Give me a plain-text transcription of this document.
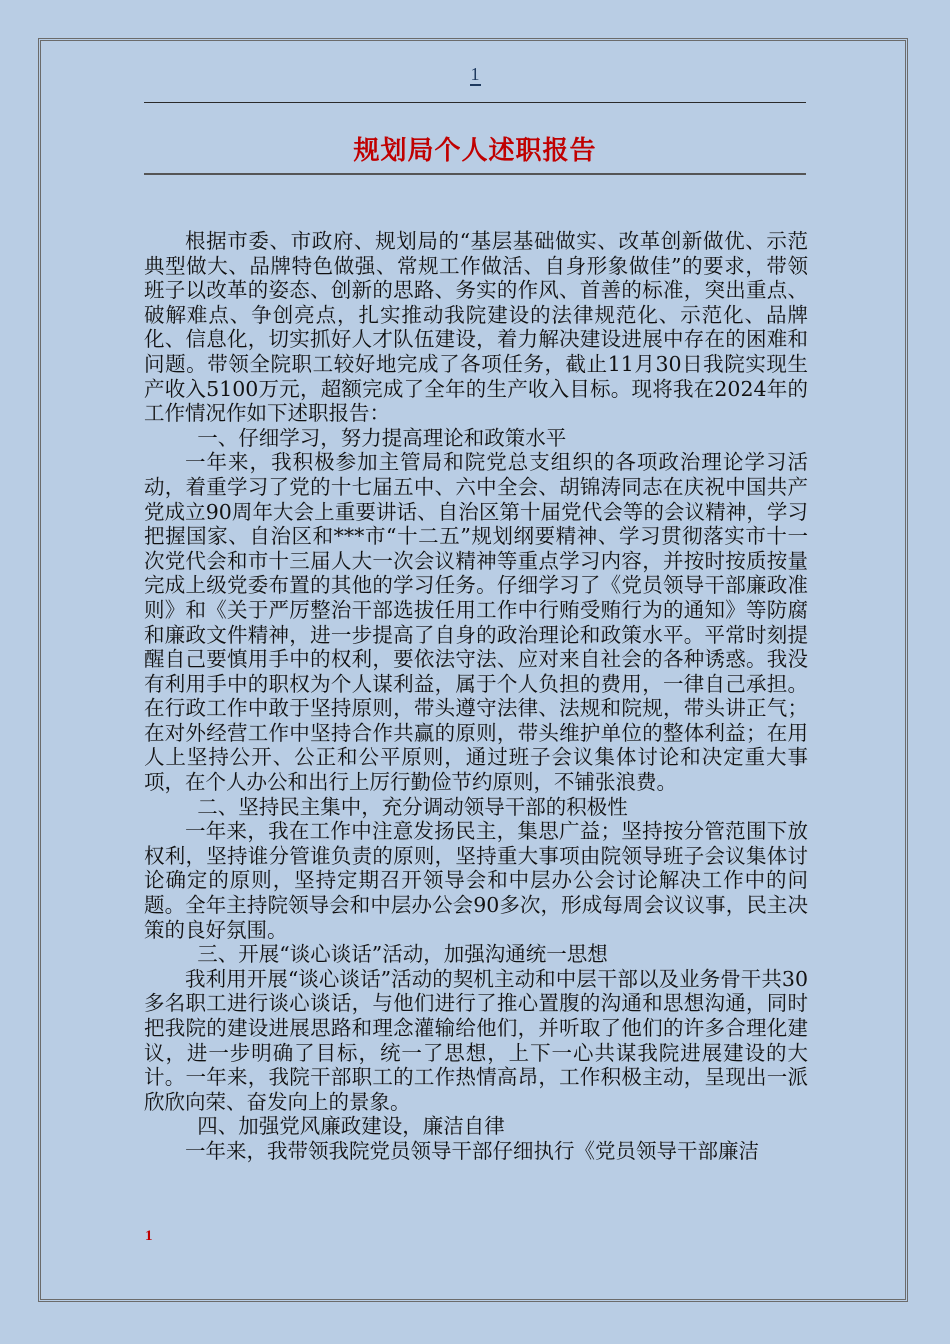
1
规划局个人述职报告

根据市委、市政府、规划局的“基层基础做实、改革创新做优、示范典型做大、品牌特色做强、常规工作做活、自身形象做佳”的要求，带领班子以改革的姿态、创新的思路、务实的作风、首善的标准，突出重点、破解难点、争创亮点，扎实推动我院建设的法律规范化、示范化、品牌化、信息化，切实抓好人才队伍建设，着力解决建设进展中存在的困难和问题。带领全院职工较好地完成了各项任务，截止11月30日我院实现生产收入5100万元，超额完成了全年的生产收入目标。现将我在2024年的工作情况作如下述职报告：

一、仔细学习，努力提高理论和政策水平

一年来，我积极参加主管局和院党总支组织的各项政治理论学习活动，着重学习了党的十七届五中、六中全会、胡锦涛同志在庆祝中国共产党成立90周年大会上重要讲话、自治区第十届党代会等的会议精神，学习把握国家、自治区和***市“十二五”规划纲要精神、学习贯彻落实市十一次党代会和市十三届人大一次会议精神等重点学习内容，并按时按质按量完成上级党委布置的其他的学习任务。仔细学习了《党员领导干部廉政准则》和《关于严厉整治干部选拔任用工作中行贿受贿行为的通知》等防腐和廉政文件精神，进一步提高了自身的政治理论和政策水平。平常时刻提醒自己要慎用手中的权利，要依法守法、应对来自社会的各种诱惑。我没有利用手中的职权为个人谋利益，属于个人负担的费用，一律自己承担。在行政工作中敢于坚持原则，带头遵守法律、法规和院规，带头讲正气；在对外经营工作中坚持合作共赢的原则，带头维护单位的整体利益；在用人上坚持公开、公正和公平原则，通过班子会议集体讨论和决定重大事项，在个人办公和出行上厉行勤俭节约原则，不铺张浪费。

二、坚持民主集中，充分调动领导干部的积极性

一年来，我在工作中注意发扬民主，集思广益；坚持按分管范围下放权利，坚持谁分管谁负责的原则，坚持重大事项由院领导班子会议集体讨论确定的原则，坚持定期召开领导会和中层办公会讨论解决工作中的问题。全年主持院领导会和中层办公会90多次，形成每周会议议事，民主决策的良好氛围。

三、开展“谈心谈话”活动，加强沟通统一思想

我利用开展“谈心谈话”活动的契机主动和中层干部以及业务骨干共30多名职工进行谈心谈话，与他们进行了推心置腹的沟通和思想沟通，同时把我院的建设进展思路和理念灌输给他们，并听取了他们的许多合理化建议，进一步明确了目标，统一了思想，上下一心共谋我院进展建设的大计。一年来，我院干部职工的工作热情高昂，工作积极主动，呈现出一派欣欣向荣、奋发向上的景象。

四、加强党风廉政建设，廉洁自律

一年来，我带领我院党员领导干部仔细执行《党员领导干部廉洁

1
